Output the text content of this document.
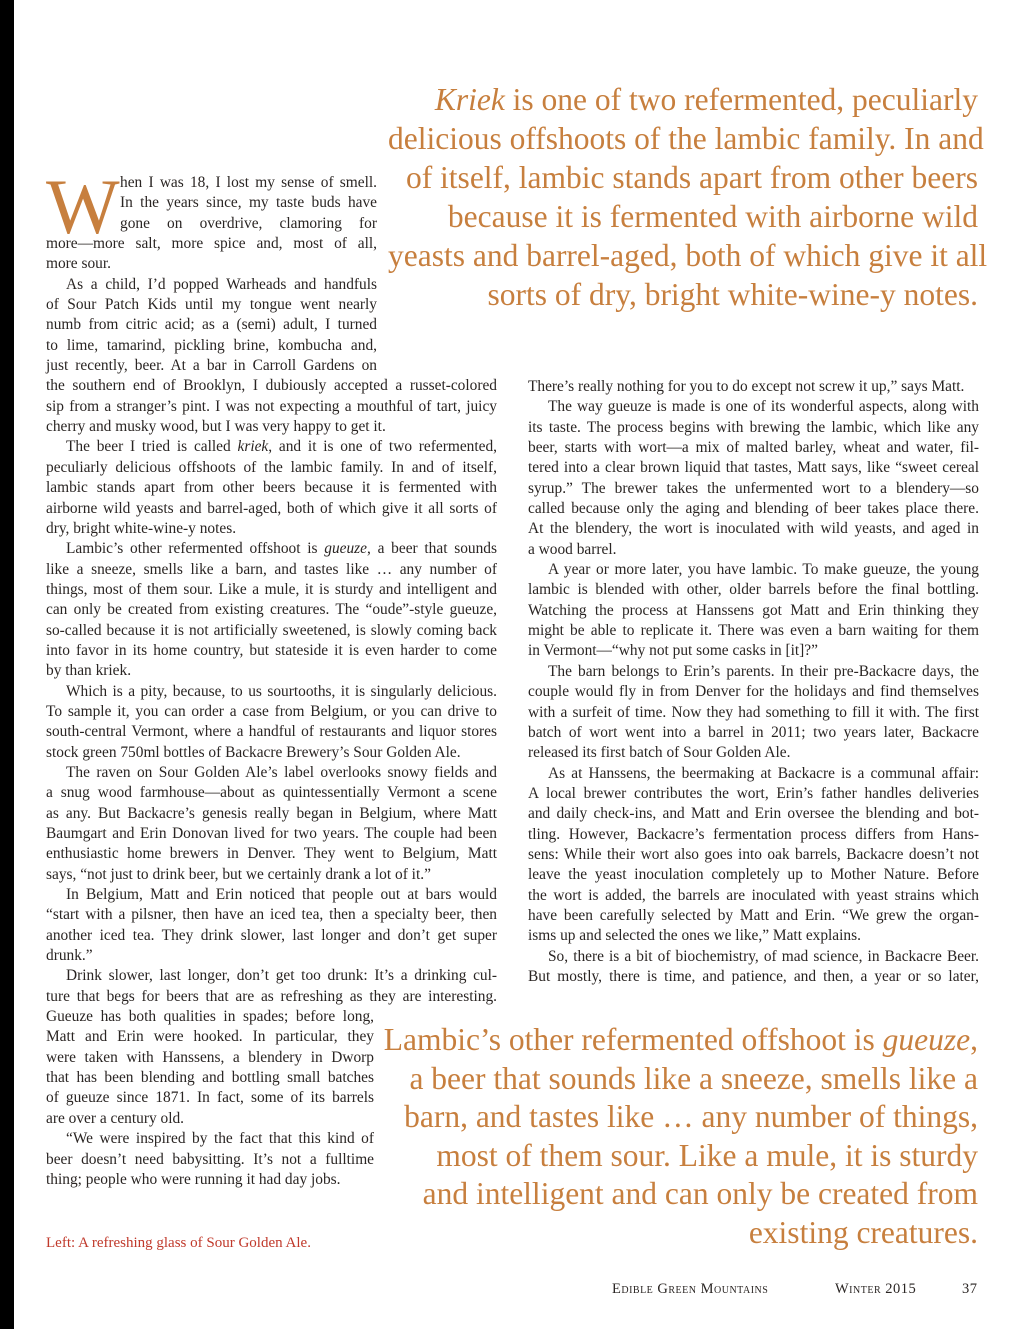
Kriek is one of two refermented, peculiarly
delicious offshoots of the lambic family. In and
of itself, lambic stands apart from other beers
because it is fermented with airborne wild
yeasts and barrel-aged, both of which give it all
sorts of dry, bright white-wine-y notes.
W hen I was 18, I lost my sense of smell.
In the years since, my taste buds have
gone on overdrive, clamoring for
more—more salt, more spice and, most of all,
more sour.
As a child, I’d popped Warheads and handfuls
of Sour Patch Kids until my tongue went nearly
numb from citric acid; as a (semi) adult, I turned
to lime, tamarind, pickling brine, kombucha and,
just recently, beer. At a bar in Carroll Gardens on
the southern end of Brooklyn, I dubiously accepted a russet-colored
sip from a stranger’s pint. I was not expecting a mouthful of tart, juicy
cherry and musky wood, but I was very happy to get it.
The beer I tried is called kriek, and it is one of two refermented,
peculiarly delicious offshoots of the lambic family. In and of itself,
lambic stands apart from other beers because it is fermented with
airborne wild yeasts and barrel-aged, both of which give it all sorts of
dry, bright white-wine-y notes.
Lambic’s other refermented offshoot is gueuze, a beer that sounds
like a sneeze, smells like a barn, and tastes like … any number of
things, most of them sour. Like a mule, it is sturdy and intelligent and
can only be created from existing creatures. The “oude”-style gueuze,
so-called because it is not artificially sweetened, is slowly coming back
into favor in its home country, but stateside it is even harder to come
by than kriek.
Which is a pity, because, to us sourtooths, it is singularly delicious.
To sample it, you can order a case from Belgium, or you can drive to
south-central Vermont, where a handful of restaurants and liquor stores
stock green 750ml bottles of Backacre Brewery’s Sour Golden Ale.
The raven on Sour Golden Ale’s label overlooks snowy fields and
a snug wood farmhouse—about as quintessentially Vermont a scene
as any. But Backacre’s genesis really began in Belgium, where Matt
Baumgart and Erin Donovan lived for two years. The couple had been
enthusiastic home brewers in Denver. They went to Belgium, Matt
says, “not just to drink beer, but we certainly drank a lot of it.”
In Belgium, Matt and Erin noticed that people out at bars would
“start with a pilsner, then have an iced tea, then a specialty beer, then
another iced tea. They drink slower, last longer and don’t get super
drunk.”
Drink slower, last longer, don’t get too drunk: It’s a drinking cul-
ture that begs for beers that are as refreshing as they are interesting.
Gueuze has both qualities in spades; before long,
Matt and Erin were hooked. In particular, they
were taken with Hanssens, a blendery in Dworp
that has been blending and bottling small batches
of gueuze since 1871. In fact, some of its barrels
are over a century old.
“We were inspired by the fact that this kind of
beer doesn’t need babysitting. It’s not a fulltime
thing; people who were running it had day jobs.
There’s really nothing for you to do except not screw it up,” says Matt.
The way gueuze is made is one of its wonderful aspects, along with
its taste. The process begins with brewing the lambic, which like any
beer, starts with wort—a mix of malted barley, wheat and water, fil-
tered into a clear brown liquid that tastes, Matt says, like “sweet cereal
syrup.” The brewer takes the unfermented wort to a blendery—so
called because only the aging and blending of beer takes place there.
At the blendery, the wort is inoculated with wild yeasts, and aged in
a wood barrel.
A year or more later, you have lambic. To make gueuze, the young
lambic is blended with other, older barrels before the final bottling.
Watching the process at Hanssens got Matt and Erin thinking they
might be able to replicate it. There was even a barn waiting for them
in Vermont—“why not put some casks in [it]?”
The barn belongs to Erin’s parents. In their pre-Backacre days, the
couple would fly in from Denver for the holidays and find themselves
with a surfeit of time. Now they had something to fill it with. The first
batch of wort went into a barrel in 2011; two years later, Backacre
released its first batch of Sour Golden Ale.
As at Hanssens, the beermaking at Backacre is a communal affair:
A local brewer contributes the wort, Erin’s father handles deliveries
and daily check-ins, and Matt and Erin oversee the blending and bot-
tling. However, Backacre’s fermentation process differs from Hans-
sens: While their wort also goes into oak barrels, Backacre doesn’t not
leave the yeast inoculation completely up to Mother Nature. Before
the wort is added, the barrels are inoculated with yeast strains which
have been carefully selected by Matt and Erin. “We grew the organ-
isms up and selected the ones we like,” Matt explains.
So, there is a bit of biochemistry, of mad science, in Backacre Beer.
But mostly, there is time, and patience, and then, a year or so later,
Lambic’s other refermented offshoot is gueuze,
a beer that sounds like a sneeze, smells like a
barn, and tastes like … any number of things,
most of them sour. Like a mule, it is sturdy
and intelligent and can only be created from
existing creatures.
Left: A refreshing glass of Sour Golden Ale.
Edible Green Mountains	Winter 2015	37
